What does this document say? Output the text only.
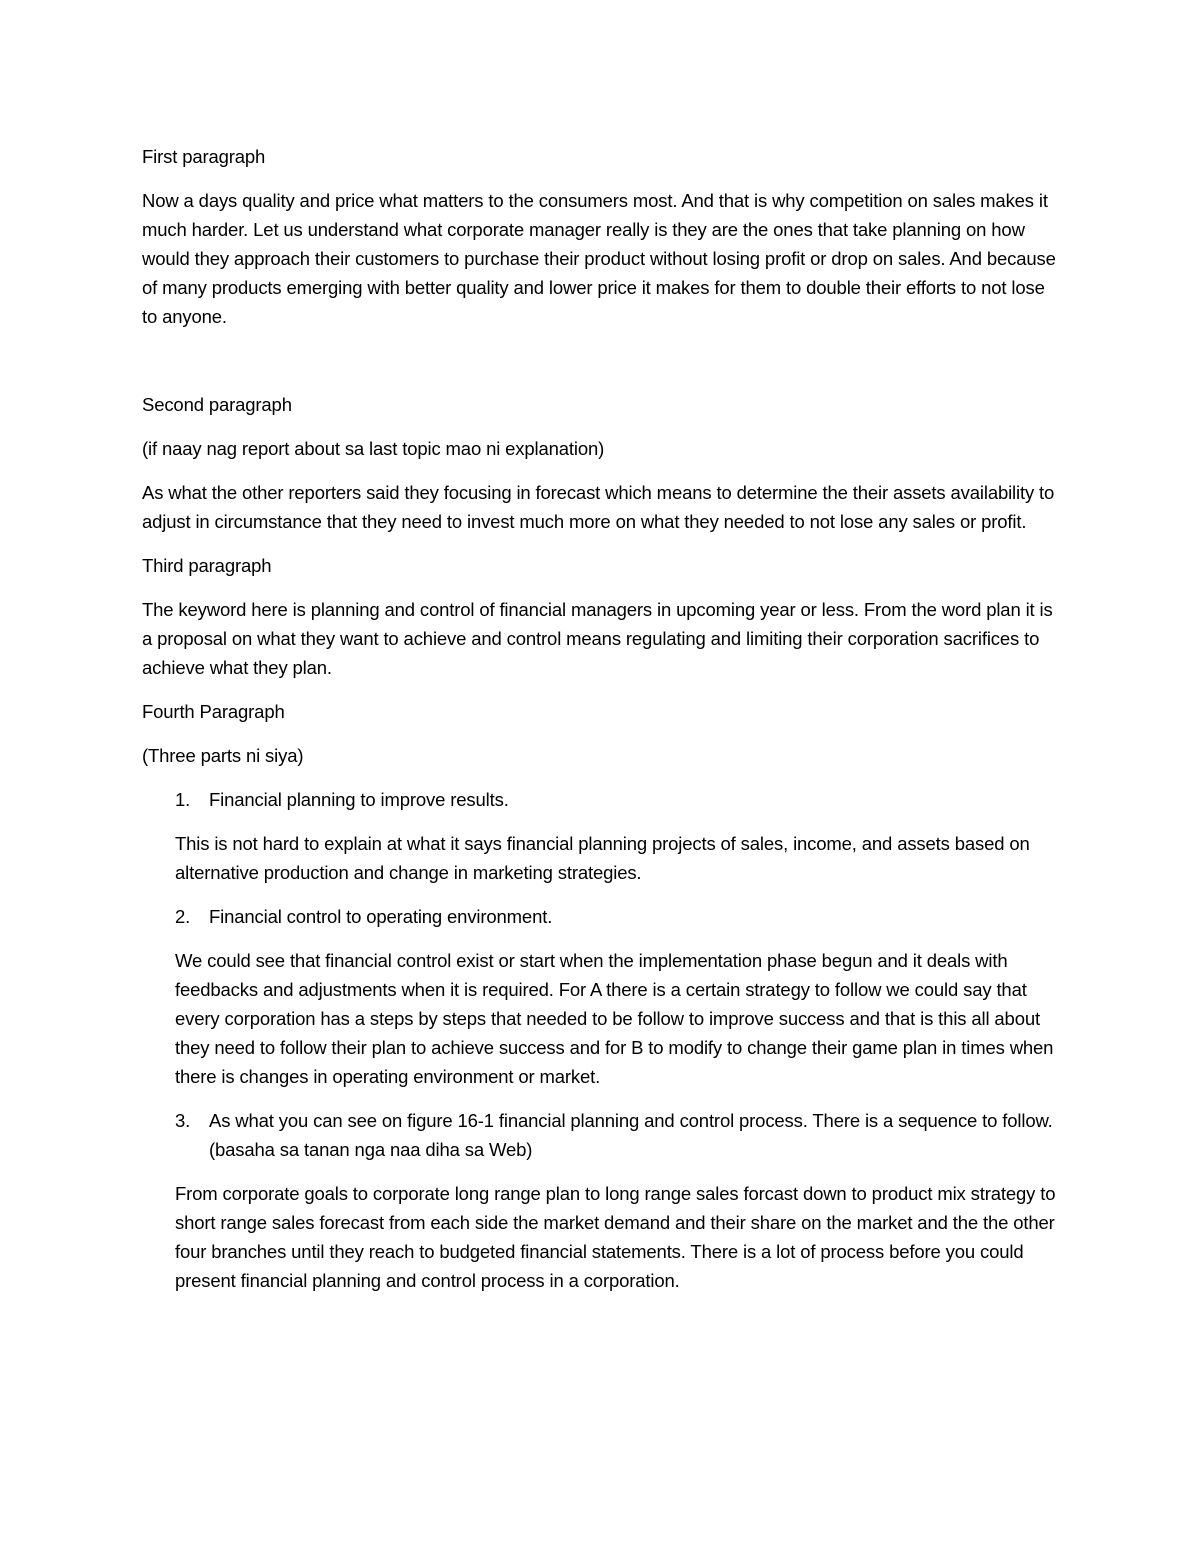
First paragraph

Now a days quality and price what matters to the consumers most. And that is why competition on sales makes it much harder. Let us understand what corporate manager really is they are the ones that take planning on how would they approach their customers to purchase their product without losing profit or drop on sales. And because of many products emerging with better quality and lower price it makes for them to double their efforts to not lose to anyone.

Second paragraph

(if naay nag report about sa last topic mao ni explanation)

As what the other reporters said they focusing in forecast which means to determine the their assets availability to adjust in circumstance that they need to invest much more on what they needed to not lose any sales or profit.

Third paragraph

The keyword here is planning and control of financial managers in upcoming year or less. From the word plan it is a proposal on what they want to achieve and control means regulating and limiting their corporation sacrifices to achieve what they plan.

Fourth Paragraph

(Three parts ni siya)

1.	Financial planning to improve results.

This is not hard to explain at what it says financial planning projects of sales, income, and assets based on alternative production and change in marketing strategies.

2.	Financial control to operating environment.

We could see that financial control exist or start when the implementation phase begun and it deals with feedbacks and adjustments when it is required. For A there is a certain strategy to follow we could say that every corporation has a steps by steps that needed to be follow to improve success and that is this all about they need to follow their plan to achieve success and for B to modify to change their game plan in times when there is changes in operating environment or market.

3.	As what you can see on figure 16-1 financial planning and control process. There is a sequence to follow. (basaha sa tanan nga naa diha sa Web)

From corporate goals to corporate long range plan to long range sales forcast down to product mix strategy to short range sales forecast from each side the market demand and their share on the market and the the other four branches until they reach to budgeted financial statements. There is a lot of process before you could present financial planning and control process in a corporation.
